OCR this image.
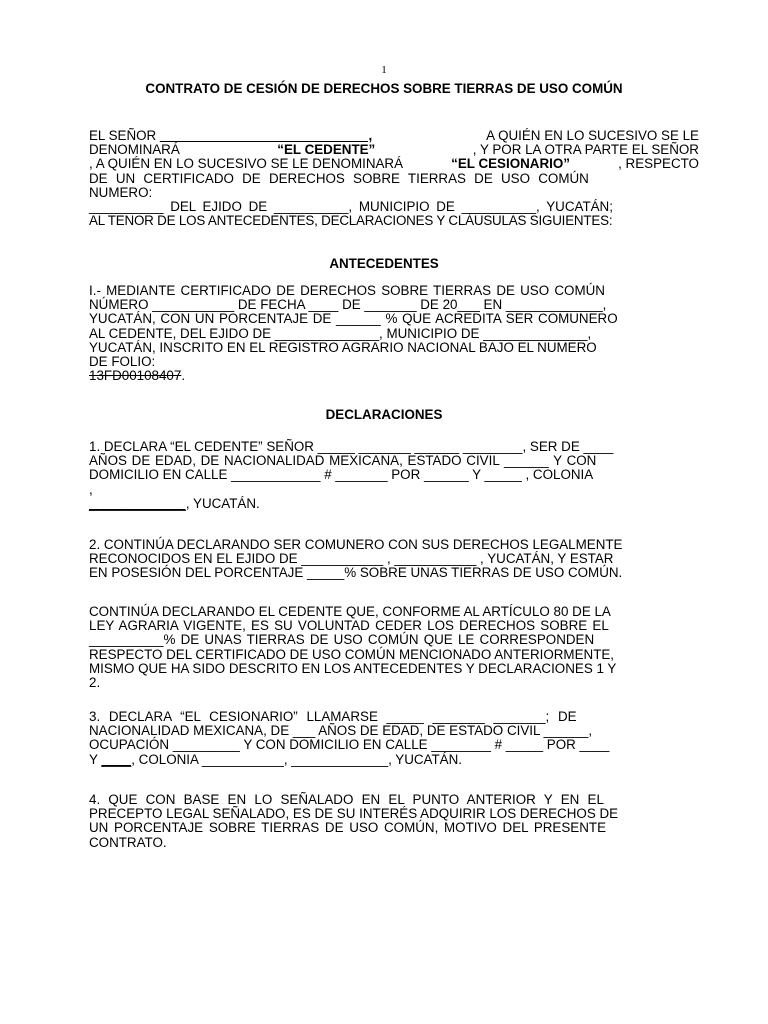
1
CONTRATO DE CESIÓN DE DERECHOS SOBRE TIERRAS DE USO COMÚN
EL SEÑOR ______ ______ ______ ________ ,	A QUIÉN EN LO SUCESIVO SE LE
DENOMINARÁ	“EL CEDENTE”	, Y POR LA OTRA PARTE EL SEÑOR
, A QUIÉN EN LO SUCESIVO SE LE DENOMINARÁ	“EL CESIONARIO”	, RESPECTO
DE UN CERTIFICADO DE DERECHOS SOBRE TIERRAS DE USO COMÚN
NUMERO:
__________ DEL EJIDO DE __________, MUNICIPIO DE __________, YUCATÁN;
AL TENOR DE LOS ANTECEDENTES, DECLARACIONES Y CLÁUSULAS SIGUIENTES:
ANTECEDENTES
I.- MEDIANTE CERTIFICADO DE DERECHOS SOBRE TIERRAS DE USO COMÚN
NÚMERO ___________ DE FECHA ____ DE _______ DE 20___ EN _____________,
YUCATÁN, CON UN PORCENTAJE DE ______ % QUE ACREDITA SER COMUNERO
AL CEDENTE, DEL EJIDO DE ______________, MUNICIPIO DE ______________,
YUCATÁN, INSCRITO EN EL REGISTRO AGRARIO NACIONAL BAJO EL NUMERO
DE FOLIO:
13FD00108407.
DECLARACIONES
1. DECLARA “EL CEDENTE” SEÑOR _____ _______ ______ ________, SER DE ____
AÑOS DE EDAD, DE NACIONALIDAD MEXICANA, ESTADO CIVIL ______ Y CON
DOMICILIO EN CALLE ____________ # _______ POR ______ Y _____ , COLONIA
,
_____________, YUCATÁN.
2. CONTINÚA DECLARANDO SER COMUNERO CON SUS DERECHOS LEGALMENTE
RECONOCIDOS EN EL EJIDO DE ___________ , ___________ , YUCATÁN, Y ESTAR
EN POSESIÓN DEL PORCENTAJE _____% SOBRE UNAS TIERRAS DE USO COMÚN.
CONTINÚA DECLARANDO EL CEDENTE QUE, CONFORME AL ARTÍCULO 80 DE LA
LEY AGRARIA VIGENTE, ES SU VOLUNTAD CEDER LOS DERECHOS SOBRE EL
__________% DE UNAS TIERRAS DE USO COMÚN QUE LE CORRESPONDEN
RESPECTO DEL CERTIFICADO DE USO COMÚN MENCIONADO ANTERIORMENTE,
MISMO QUE HA SIDO DESCRITO EN LOS ANTECEDENTES Y DECLARACIONES 1 Y
2.
3. DECLARA “EL CESIONARIO” LLAMARSE _____ _______ _______; DE
NACIONALIDAD MEXICANA, DE ___ AÑOS DE EDAD, DE ESTADO CIVIL ______,
OCUPACIÓN _________ Y CON DOMICILIO EN CALLE ________ # _____ POR ____
Y ____, COLONIA ___________, _____________, YUCATÁN.
4. QUE CON BASE EN LO SEÑALADO EN EL PUNTO ANTERIOR Y EN EL
PRECEPTO LEGAL SEÑALADO, ES DE SU INTERÉS ADQUIRIR LOS DERECHOS DE
UN PORCENTAJE SOBRE TIERRAS DE USO COMÚN, MOTIVO DEL PRESENTE
CONTRATO.
